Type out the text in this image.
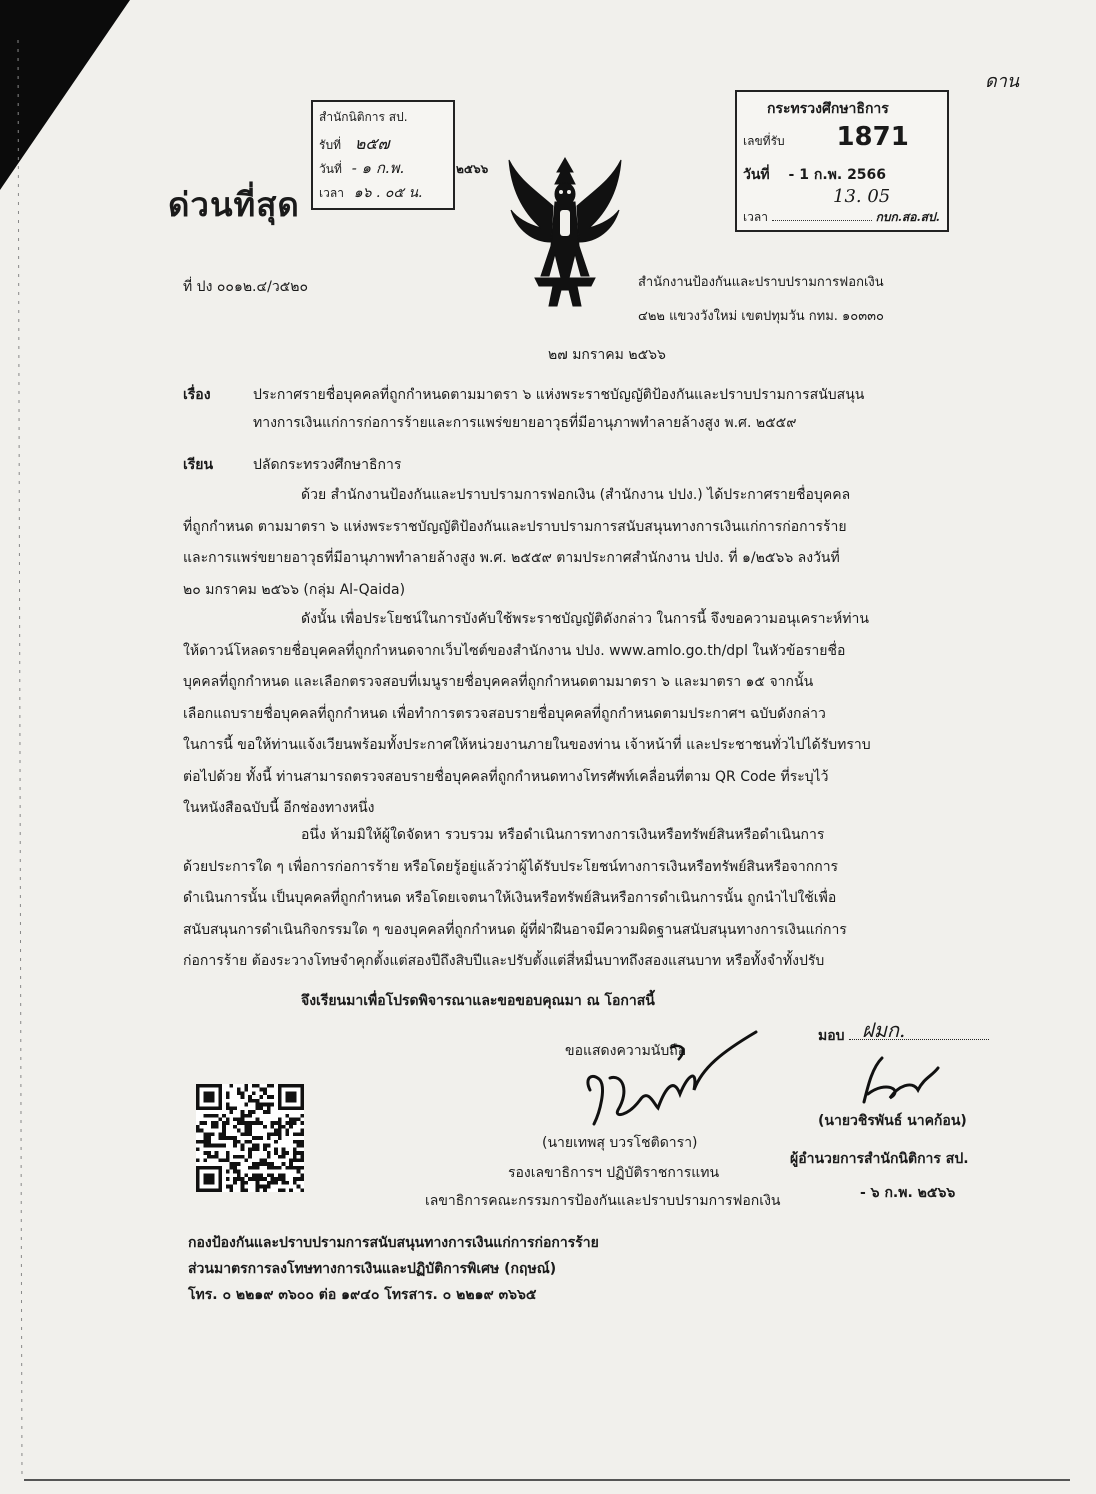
ดาน
ด่วนที่สุด
สำนักนิติการ สป.
รับที่ ๒๕๗
วันที่ - ๑ ก.พ.
เวลา ๑๖ . ๐๕ น.
๒๕๖๖
กระทรวงศึกษาธิการ
เลขที่รับ 1871
วันที่ - 1 ก.พ. 2566
13. 05
เวลา	กบก.สอ.สป.
ที่ ปง ๐๐๑๒.๔/ว๕๒๐	สำนักงานป้องกันและปราบปรามการฟอกเงิน
๔๒๒ แขวงวังใหม่ เขตปทุมวัน กทม. ๑๐๓๓๐
๒๗ มกราคม ๒๕๖๖
เรื่อง	ประกาศรายชื่อบุคคลที่ถูกกำหนดตามมาตรา ๖ แห่งพระราชบัญญัติป้องกันและปราบปรามการสนับสนุน
ทางการเงินแก่การก่อการร้ายและการแพร่ขยายอาวุธที่มีอานุภาพทำลายล้างสูง พ.ศ. ๒๕๕๙
เรียน	ปลัดกระทรวงศึกษาธิการ
ด้วย สำนักงานป้องกันและปราบปรามการฟอกเงิน (สำนักงาน ปปง.) ได้ประกาศรายชื่อบุคคล
ที่ถูกกำหนด ตามมาตรา ๖ แห่งพระราชบัญญัติป้องกันและปราบปรามการสนับสนุนทางการเงินแก่การก่อการร้าย
และการแพร่ขยายอาวุธที่มีอานุภาพทำลายล้างสูง พ.ศ. ๒๕๕๙ ตามประกาศสำนักงาน ปปง. ที่ ๑/๒๕๖๖ ลงวันที่
๒๐ มกราคม ๒๕๖๖ (กลุ่ม Al-Qaida)
ดังนั้น เพื่อประโยชน์ในการบังคับใช้พระราชบัญญัติดังกล่าว ในการนี้ จึงขอความอนุเคราะห์ท่าน
ให้ดาวน์โหลดรายชื่อบุคคลที่ถูกกำหนดจากเว็บไซต์ของสำนักงาน ปปง. www.amlo.go.th/dpl ในหัวข้อรายชื่อ
บุคคลที่ถูกกำหนด และเลือกตรวจสอบที่เมนูรายชื่อบุคคลที่ถูกกำหนดตามมาตรา ๖ และมาตรา ๑๕ จากนั้น
เลือกแถบรายชื่อบุคคลที่ถูกกำหนด เพื่อทำการตรวจสอบรายชื่อบุคคลที่ถูกกำหนดตามประกาศฯ ฉบับดังกล่าว
ในการนี้ ขอให้ท่านแจ้งเวียนพร้อมทั้งประกาศให้หน่วยงานภายในของท่าน เจ้าหน้าที่ และประชาชนทั่วไปได้รับทราบ
ต่อไปด้วย ทั้งนี้ ท่านสามารถตรวจสอบรายชื่อบุคคลที่ถูกกำหนดทางโทรศัพท์เคลื่อนที่ตาม QR Code ที่ระบุไว้
ในหนังสือฉบับนี้ อีกช่องทางหนึ่ง
อนึ่ง ห้ามมิให้ผู้ใดจัดหา รวบรวม หรือดำเนินการทางการเงินหรือทรัพย์สินหรือดำเนินการ
ด้วยประการใด ๆ เพื่อการก่อการร้าย หรือโดยรู้อยู่แล้วว่าผู้ได้รับประโยชน์ทางการเงินหรือทรัพย์สินหรือจากการ
ดำเนินการนั้น เป็นบุคคลที่ถูกกำหนด หรือโดยเจตนาให้เงินหรือทรัพย์สินหรือการดำเนินการนั้น ถูกนำไปใช้เพื่อ
สนับสนุนการดำเนินกิจกรรมใด ๆ ของบุคคลที่ถูกกำหนด ผู้ที่ฝ่าฝืนอาจมีความผิดฐานสนับสนุนทางการเงินแก่การ
ก่อการร้าย ต้องระวางโทษจำคุกตั้งแต่สองปีถึงสิบปีและปรับตั้งแต่สี่หมื่นบาทถึงสองแสนบาท หรือทั้งจำทั้งปรับ
จึงเรียนมาเพื่อโปรดพิจารณาและขอขอบคุณมา ณ โอกาสนี้
ขอแสดงความนับถือ
(นายเทพสุ บวรโชติดารา)
รองเลขาธิการฯ ปฏิบัติราชการแทน
เลขาธิการคณะกรรมการป้องกันและปราบปรามการฟอกเงิน
มอบ ฝมก.
(นายวชิรพันธ์ นาคก้อน)
ผู้อำนวยการสำนักนิติการ สป.
- ๖ ก.พ. ๒๕๖๖
กองป้องกันและปราบปรามการสนับสนุนทางการเงินแก่การก่อการร้าย
ส่วนมาตรการลงโทษทางการเงินและปฏิบัติการพิเศษ (กฤษณ์)
โทร. ๐ ๒๒๑๙ ๓๖๐๐ ต่อ ๑๙๔๐ โทรสาร. ๐ ๒๒๑๙ ๓๖๖๕
